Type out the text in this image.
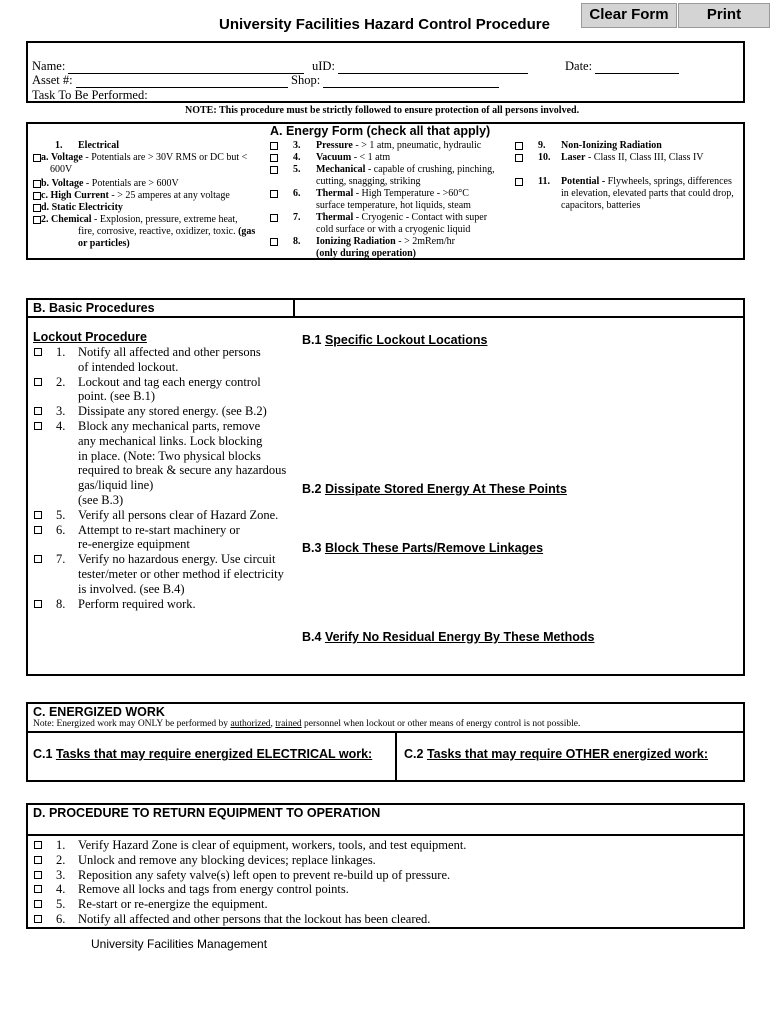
Clear Form	Print
University Facilities Hazard Control Procedure
Name:	uID:	Date:
Asset #:	Shop:
Task To Be Performed:
NOTE: This procedure must be strictly followed to ensure protection of all persons involved.
A. Energy Form (check all that apply)
1. Electrical
a. Voltage - Potentials are > 30V RMS or DC but <
600V
b. Voltage - Potentials are > 600V
c. High Current - > 25 amperes at any voltage
d. Static Electricity
2. Chemical - Explosion, pressure, extreme heat,
fire, corrosive, reactive, oxidizer, toxic. (gas
or particles)
3. Pressure - > 1 atm, pneumatic, hydraulic
4. Vacuum - < 1 atm
5. Mechanical - capable of crushing, pinching,
cutting, snagging, striking
6. Thermal - High Temperature - >60°C
surface temperature, hot liquids, steam
7. Thermal - Cryogenic - Contact with super
cold surface or with a cryogenic liquid
8. Ionizing Radiation - > 2mRem/hr
(only during operation)
9. Non-Ionizing Radiation
10. Laser - Class II, Class III, Class IV
11. Potential - Flywheels, springs, differences
in elevation, elevated parts that could drop,
capacitors, batteries
B. Basic Procedures
Lockout Procedure
1. Notify all affected and other persons
of intended lockout.
2. Lockout and tag each energy control
point. (see B.1)
3. Dissipate any stored energy. (see B.2)
4. Block any mechanical parts, remove
any mechanical links. Lock blocking
in place. (Note: Two physical blocks
required to break & secure any hazardous
gas/liquid line)
(see B.3)
5. Verify all persons clear of Hazard Zone.
6. Attempt to re-start machinery or
re-energize equipment
7. Verify no hazardous energy. Use circuit
tester/meter or other method if electricity
is involved. (see B.4)
8. Perform required work.
B.1 Specific Lockout Locations
B.2 Dissipate Stored Energy At These Points
B.3 Block These Parts/Remove Linkages
B.4 Verify No Residual Energy By These Methods
C. ENERGIZED WORK
Note: Energized work may ONLY be performed by authorized, trained personnel when lockout or other means of energy control is not possible.
C.1 Tasks that may require energized ELECTRICAL work:	C.2 Tasks that may require OTHER energized work:
D. PROCEDURE TO RETURN EQUIPMENT TO OPERATION
1. Verify Hazard Zone is clear of equipment, workers, tools, and test equipment.
2. Unlock and remove any blocking devices; replace linkages.
3. Reposition any safety valve(s) left open to prevent re-build up of pressure.
4. Remove all locks and tags from energy control points.
5. Re-start or re-energize the equipment.
6. Notify all affected and other persons that the lockout has been cleared.
University Facilities Management
